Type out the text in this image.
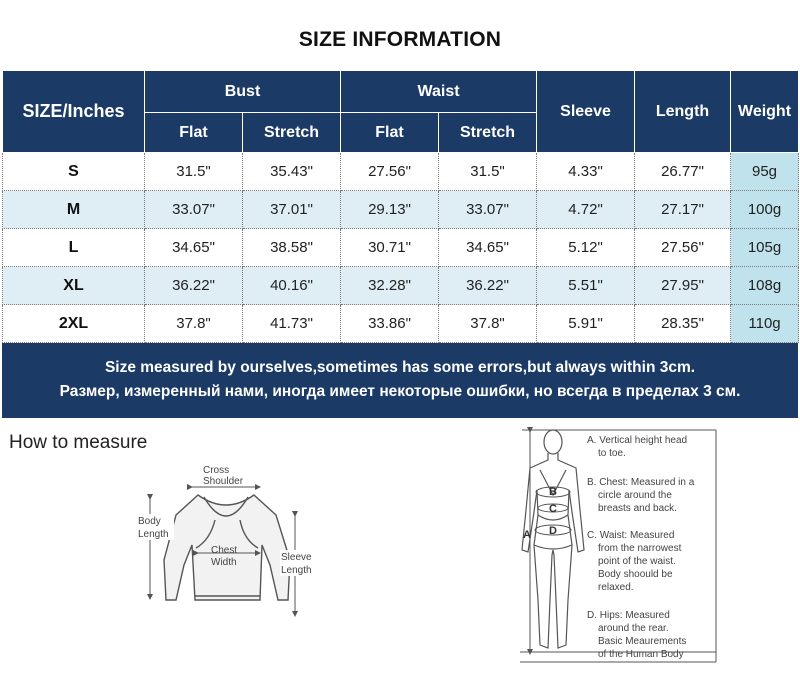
SIZE INFORMATION
SIZE/Inches	Bust		Waist		Sleeve	Length	Weight
	Flat	Stretch	Flat	Stretch			
S	31.5"	35.43"	27.56"	31.5"	4.33"	26.77"	95g
M	33.07"	37.01"	29.13"	33.07"	4.72"	27.17"	100g
L	34.65"	38.58"	30.71"	34.65"	5.12"	27.56"	105g
XL	36.22"	40.16"	32.28"	36.22"	5.51"	27.95"	108g
2XL	37.8"	41.73"	33.86"	37.8"	5.91"	28.35"	110g
Size measured by ourselves,sometimes has some errors,but always within 3cm.
Размер, измеренный нами, иногда имеет некоторые ошибки, но всегда в пределах 3 см.
How to measure
Cross
Shoulder
Body
Length
Chest
Width	Sleeve
Length
A
B
C
D
A. Vertical height head
to toe.
B. Chest: Measured in a
circle around the
breasts and back.
C. Waist: Measured
from the narrowest
point of the waist.
Body shoould be
relaxed.
D. Hips: Measured
around the rear.
Basic Meaurements
of the Human Body
